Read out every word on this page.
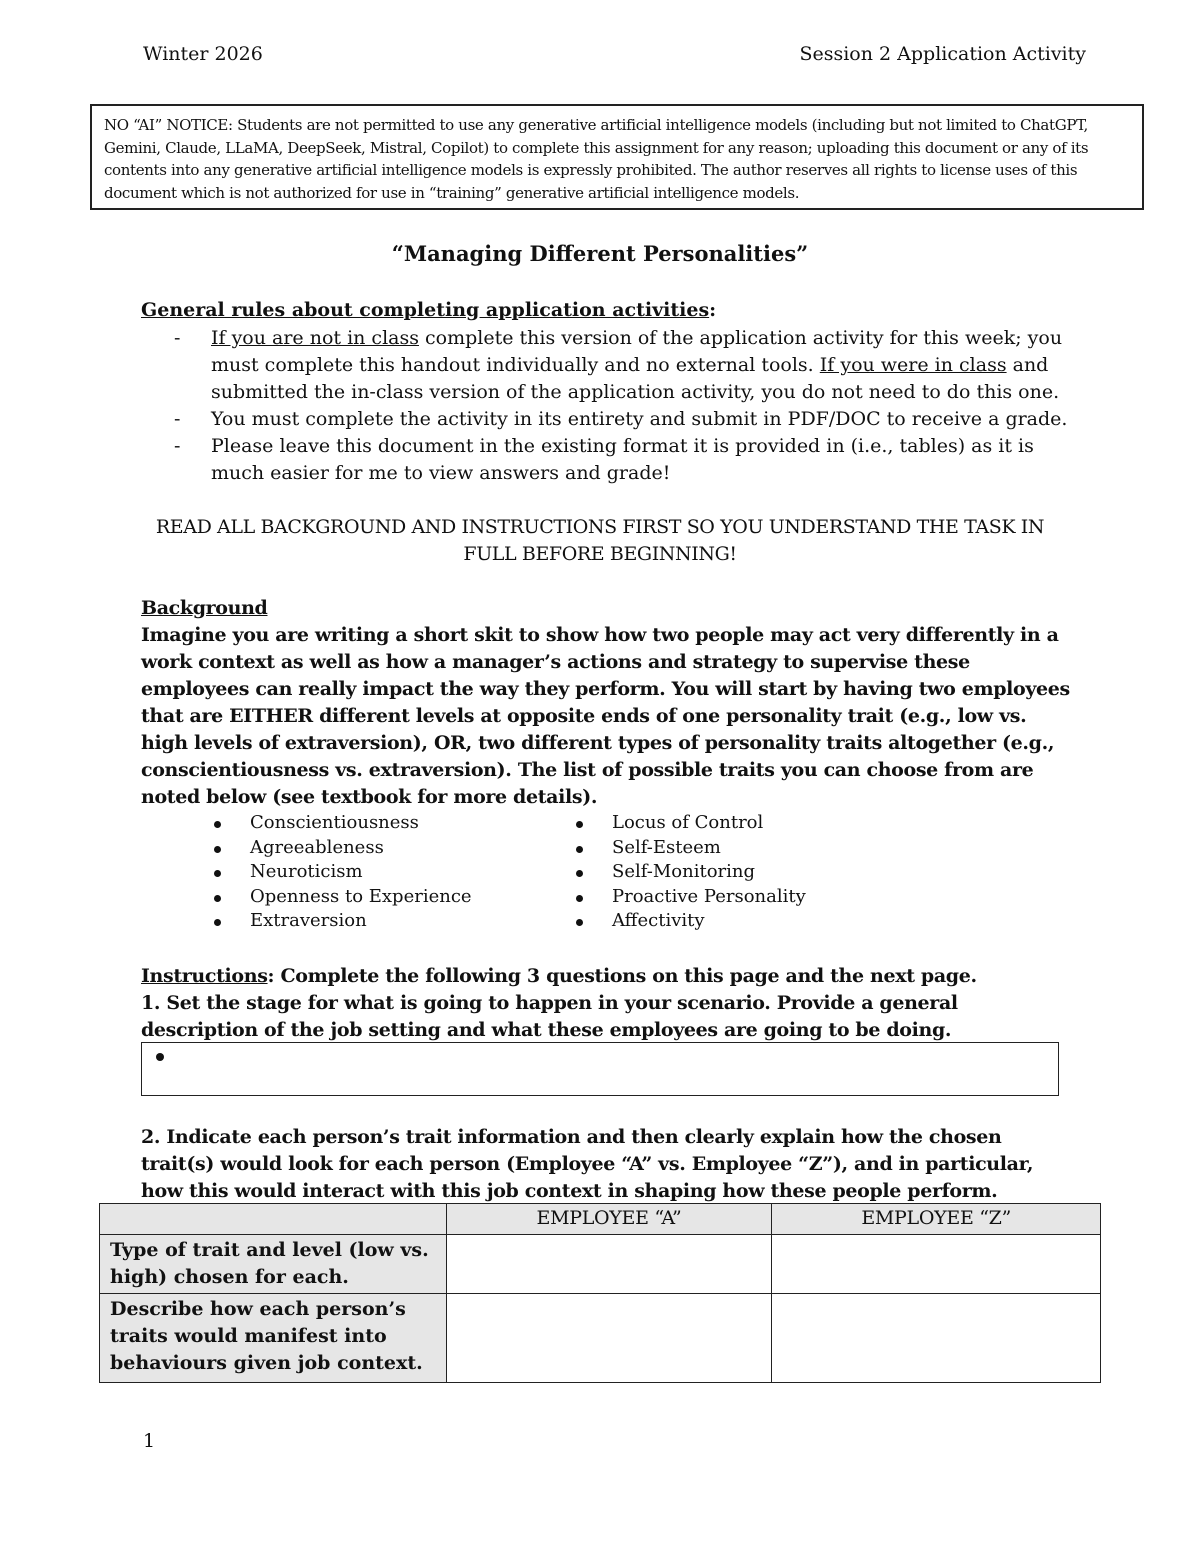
Winter 2026	Session 2 Application Activity
NO “AI” NOTICE: Students are not permitted to use any generative artificial intelligence models (including but not limited to ChatGPT, Gemini, Claude, LLaMA, DeepSeek, Mistral, Copilot) to complete this assignment for any reason; uploading this document or any of its contents into any generative artificial intelligence models is expressly prohibited. The author reserves all rights to license uses of this document which is not authorized for use in “training” generative artificial intelligence models.
“Managing Different Personalities”
General rules about completing application activities:
- If you are not in class complete this version of the application activity for this week; you must complete this handout individually and no external tools. If you were in class and submitted the in-class version of the application activity, you do not need to do this one.
- You must complete the activity in its entirety and submit in PDF/DOC to receive a grade.
- Please leave this document in the existing format it is provided in (i.e., tables) as it is much easier for me to view answers and grade!
READ ALL BACKGROUND AND INSTRUCTIONS FIRST SO YOU UNDERSTAND THE TASK IN FULL BEFORE BEGINNING!
Background
Imagine you are writing a short skit to show how two people may act very differently in a work context as well as how a manager’s actions and strategy to supervise these employees can really impact the way they perform. You will start by having two employees that are EITHER different levels at opposite ends of one personality trait (e.g., low vs. high levels of extraversion), OR, two different types of personality traits altogether (e.g., conscientiousness vs. extraversion). The list of possible traits you can choose from are noted below (see textbook for more details).
Conscientiousness
Agreeableness
Neuroticism
Openness to Experience
Extraversion
Locus of Control
Self-Esteem
Self-Monitoring
Proactive Personality
Affectivity
Instructions: Complete the following 3 questions on this page and the next page.
1. Set the stage for what is going to happen in your scenario. Provide a general description of the job setting and what these employees are going to be doing.
2. Indicate each person’s trait information and then clearly explain how the chosen trait(s) would look for each person (Employee “A” vs. Employee “Z”), and in particular, how this would interact with this job context in shaping how these people perform.
	EMPLOYEE “A”	EMPLOYEE “Z”
Type of trait and level (low vs. high) chosen for each.		
Describe how each person’s traits would manifest into behaviours given job context.		
1
